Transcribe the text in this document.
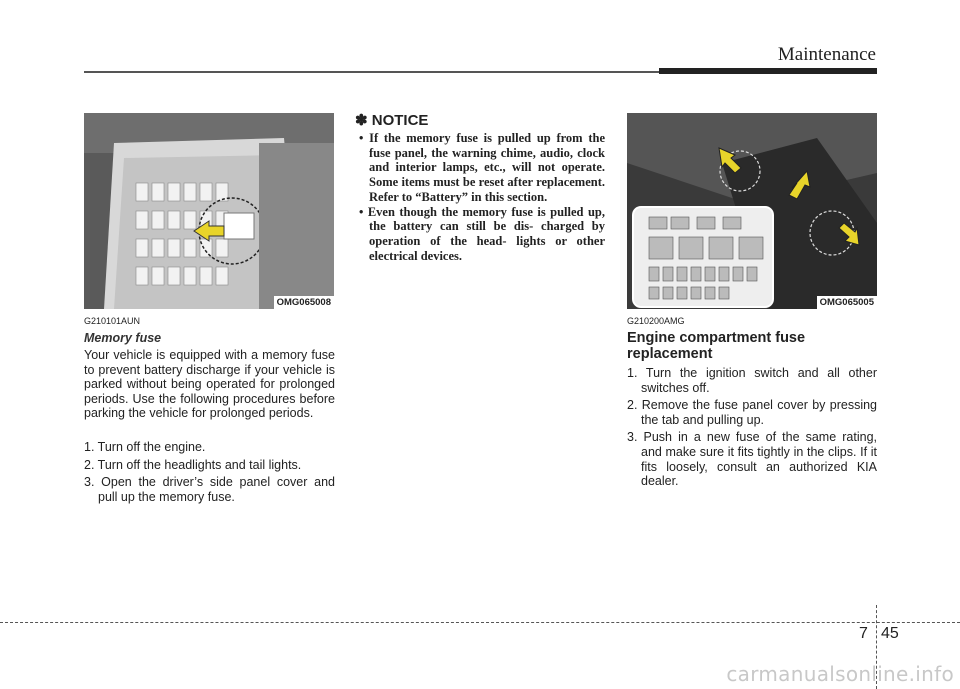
Maintenance
OMG065008
G210101AUN
Memory fuse
Your vehicle is equipped with a memory fuse to prevent battery discharge if your vehicle is parked without being operated for prolonged periods. Use the following procedures before parking the vehicle for prolonged periods.
1. Turn off the engine.
2. Turn off the headlights and tail lights.
3. Open the driver’s side panel cover and pull up the memory fuse.
✽ NOTICE
• If the memory fuse is pulled up from the fuse panel, the warning chime, audio, clock and interior lamps, etc., will not operate. Some items must be reset after replacement. Refer to “Battery” in this section.
• Even though the memory fuse is pulled up, the battery can still be dis- charged by operation of the head- lights or other electrical devices.
OMG065005
G210200AMG
Engine compartment fuse replacement
1. Turn the ignition switch and all other switches off.
2. Remove the fuse panel cover by pressing the tab and pulling up.
3. Push in a new fuse of the same rating, and make sure it fits tightly in the clips. If it fits loosely, consult an authorized KIA dealer.
7 45
carmanualsonline.info
